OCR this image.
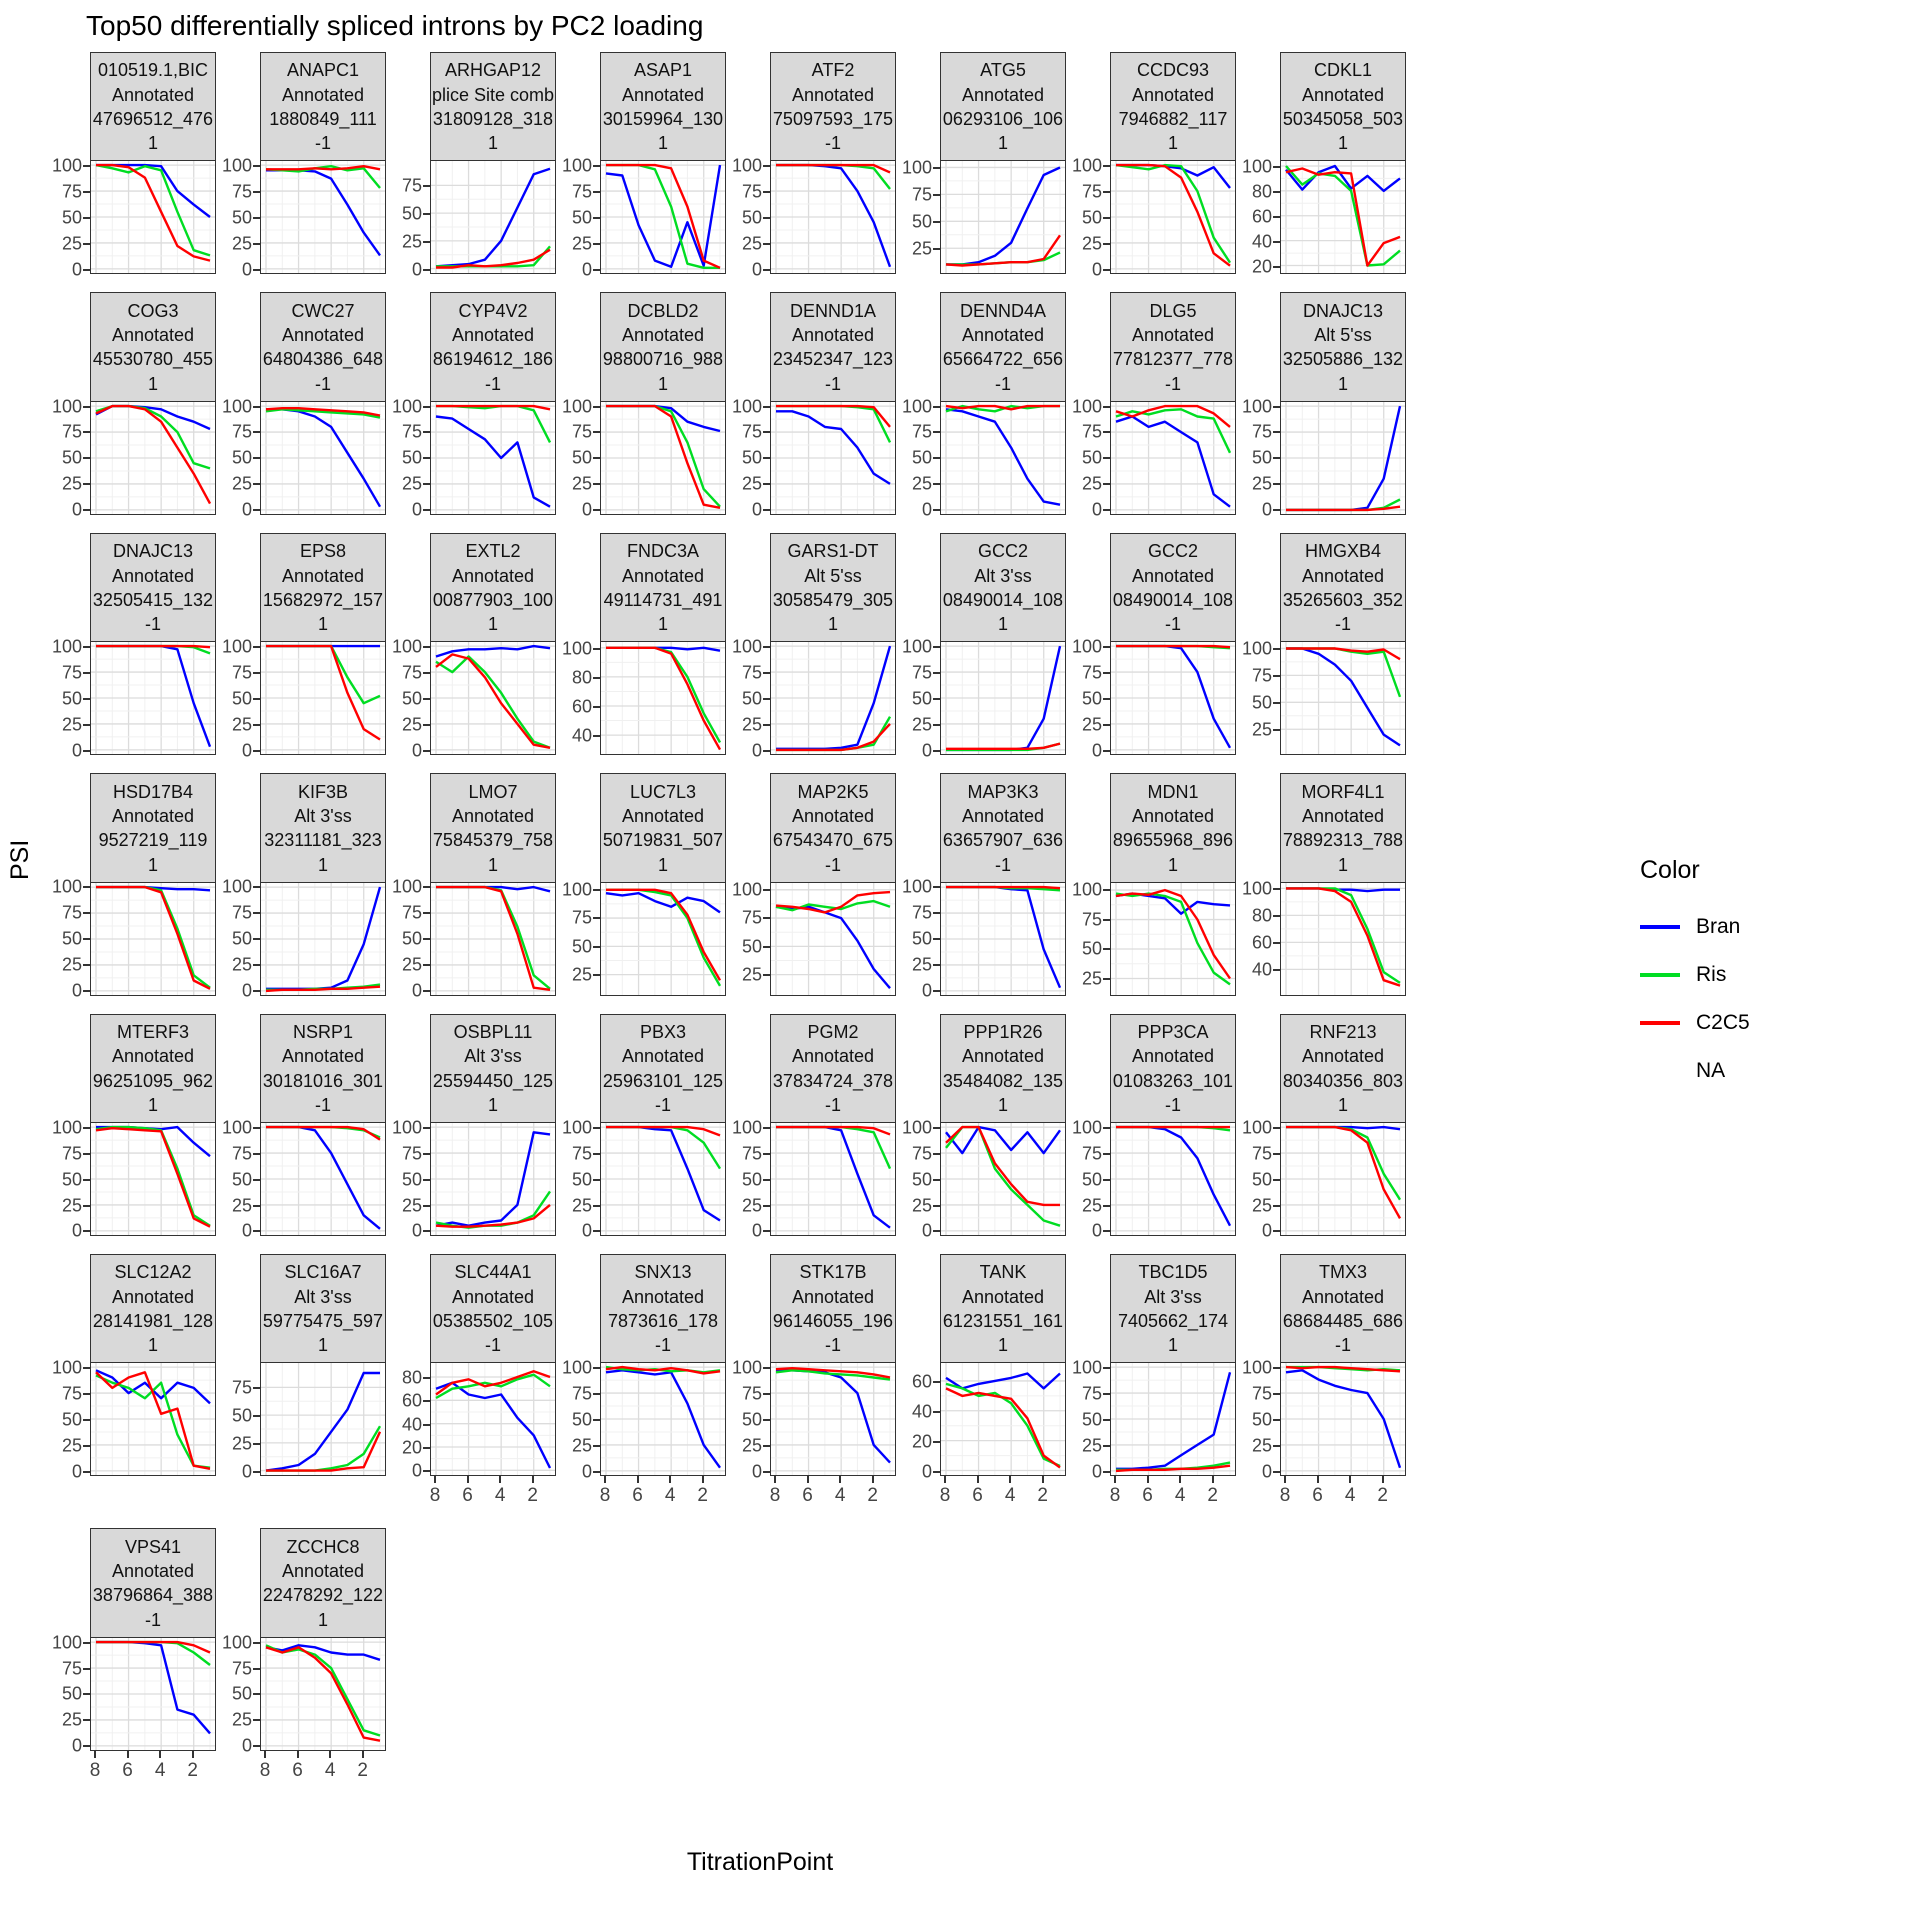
Top50 differentially spliced introns by PC2 loading
PSI
010519.1,BIC
Annotated
47696512_476
1
100
75
50
25
0
ANAPC1
Annotated
1880849_111
-1
100
75
50
25
0
ARHGAP12
plice Site comb
31809128_318
1
75
50
25
0
ASAP1
Annotated
30159964_130
1
100
75
50
25
0
ATF2
Annotated
75097593_175
-1
100
75
50
25
0
ATG5
Annotated
06293106_106
1
100
75
50
25
CCDC93
Annotated
7946882_117
1
100
75
50
25
0
CDKL1
Annotated
50345058_503
1
100
80
60
40
20
COG3
Annotated
45530780_455
1
100
75
50
25
0
CWC27
Annotated
64804386_648
-1
100
75
50
25
0
CYP4V2
Annotated
86194612_186
-1
100
75
50
25
0
DCBLD2
Annotated
98800716_988
1
100
75
50
25
0
DENND1A
Annotated
23452347_123
-1
100
75
50
25
0
DENND4A
Annotated
65664722_656
-1
100
75
50
25
0
DLG5
Annotated
77812377_778
-1
100
75
50
25
0
DNAJC13
Alt 5'ss
32505886_132
1
100
75
50
25
0
DNAJC13
Annotated
32505415_132
-1
100
75
50
25
0
EPS8
Annotated
15682972_157
1
100
75
50
25
0
EXTL2
Annotated
00877903_100
1
100
75
50
25
0
FNDC3A
Annotated
49114731_491
1
100
80
60
40
GARS1-DT
Alt 5'ss
30585479_305
1
100
75
50
25
0
GCC2
Alt 3'ss
08490014_108
1
100
75
50
25
0
GCC2
Annotated
08490014_108
-1
100
75
50
25
0
HMGXB4
Annotated
35265603_352
-1
100
75
50
25
HSD17B4
Annotated
9527219_119
1
100
75
50
25
0
KIF3B
Alt 3'ss
32311181_323
1
100
75
50
25
0
LMO7
Annotated
75845379_758
1
100
75
50
25
0
LUC7L3
Annotated
50719831_507
1
100
75
50
25
MAP2K5
Annotated
67543470_675
-1
100
75
50
25
MAP3K3
Annotated
63657907_636
-1
100
75
50
25
0
MDN1
Annotated
89655968_896
1
100
75
50
25
MORF4L1
Annotated
78892313_788
1
100
80
60
40
MTERF3
Annotated
96251095_962
1
100
75
50
25
0
NSRP1
Annotated
30181016_301
-1
100
75
50
25
0
OSBPL11
Alt 3'ss
25594450_125
1
100
75
50
25
0
PBX3
Annotated
25963101_125
-1
100
75
50
25
0
PGM2
Annotated
37834724_378
-1
100
75
50
25
0
PPP1R26
Annotated
35484082_135
1
100
75
50
25
0
PPP3CA
Annotated
01083263_101
-1
100
75
50
25
0
RNF213
Annotated
80340356_803
1
100
75
50
25
0
SLC12A2
Annotated
28141981_128
1
100
75
50
25
0
SLC16A7
Alt 3'ss
59775475_597
1
75
50
25
0
SLC44A1
Annotated
05385502_105
-1
80
60
40
20
0
8 6 4 2
SNX13
Annotated
7873616_178
-1
100
75
50
25
0
8 6 4 2
STK17B
Annotated
96146055_196
-1
100
75
50
25
0
8 6 4 2
TANK
Annotated
61231551_161
1
60
40
20
0
8 6 4 2
TBC1D5
Alt 3'ss
7405662_174
1
100
75
50
25
0
8 6 4 2
TMX3
Annotated
68684485_686
-1
100
75
50
25
0
8 6 4 2
VPS41
Annotated
38796864_388
-1
100
75
50
25
0
8 6 4 2
ZCCHC8
Annotated
22478292_122
1
100
75
50
25
0
8 6 4 2
TitrationPoint
Color
Bran
Ris
C2C5
NA
